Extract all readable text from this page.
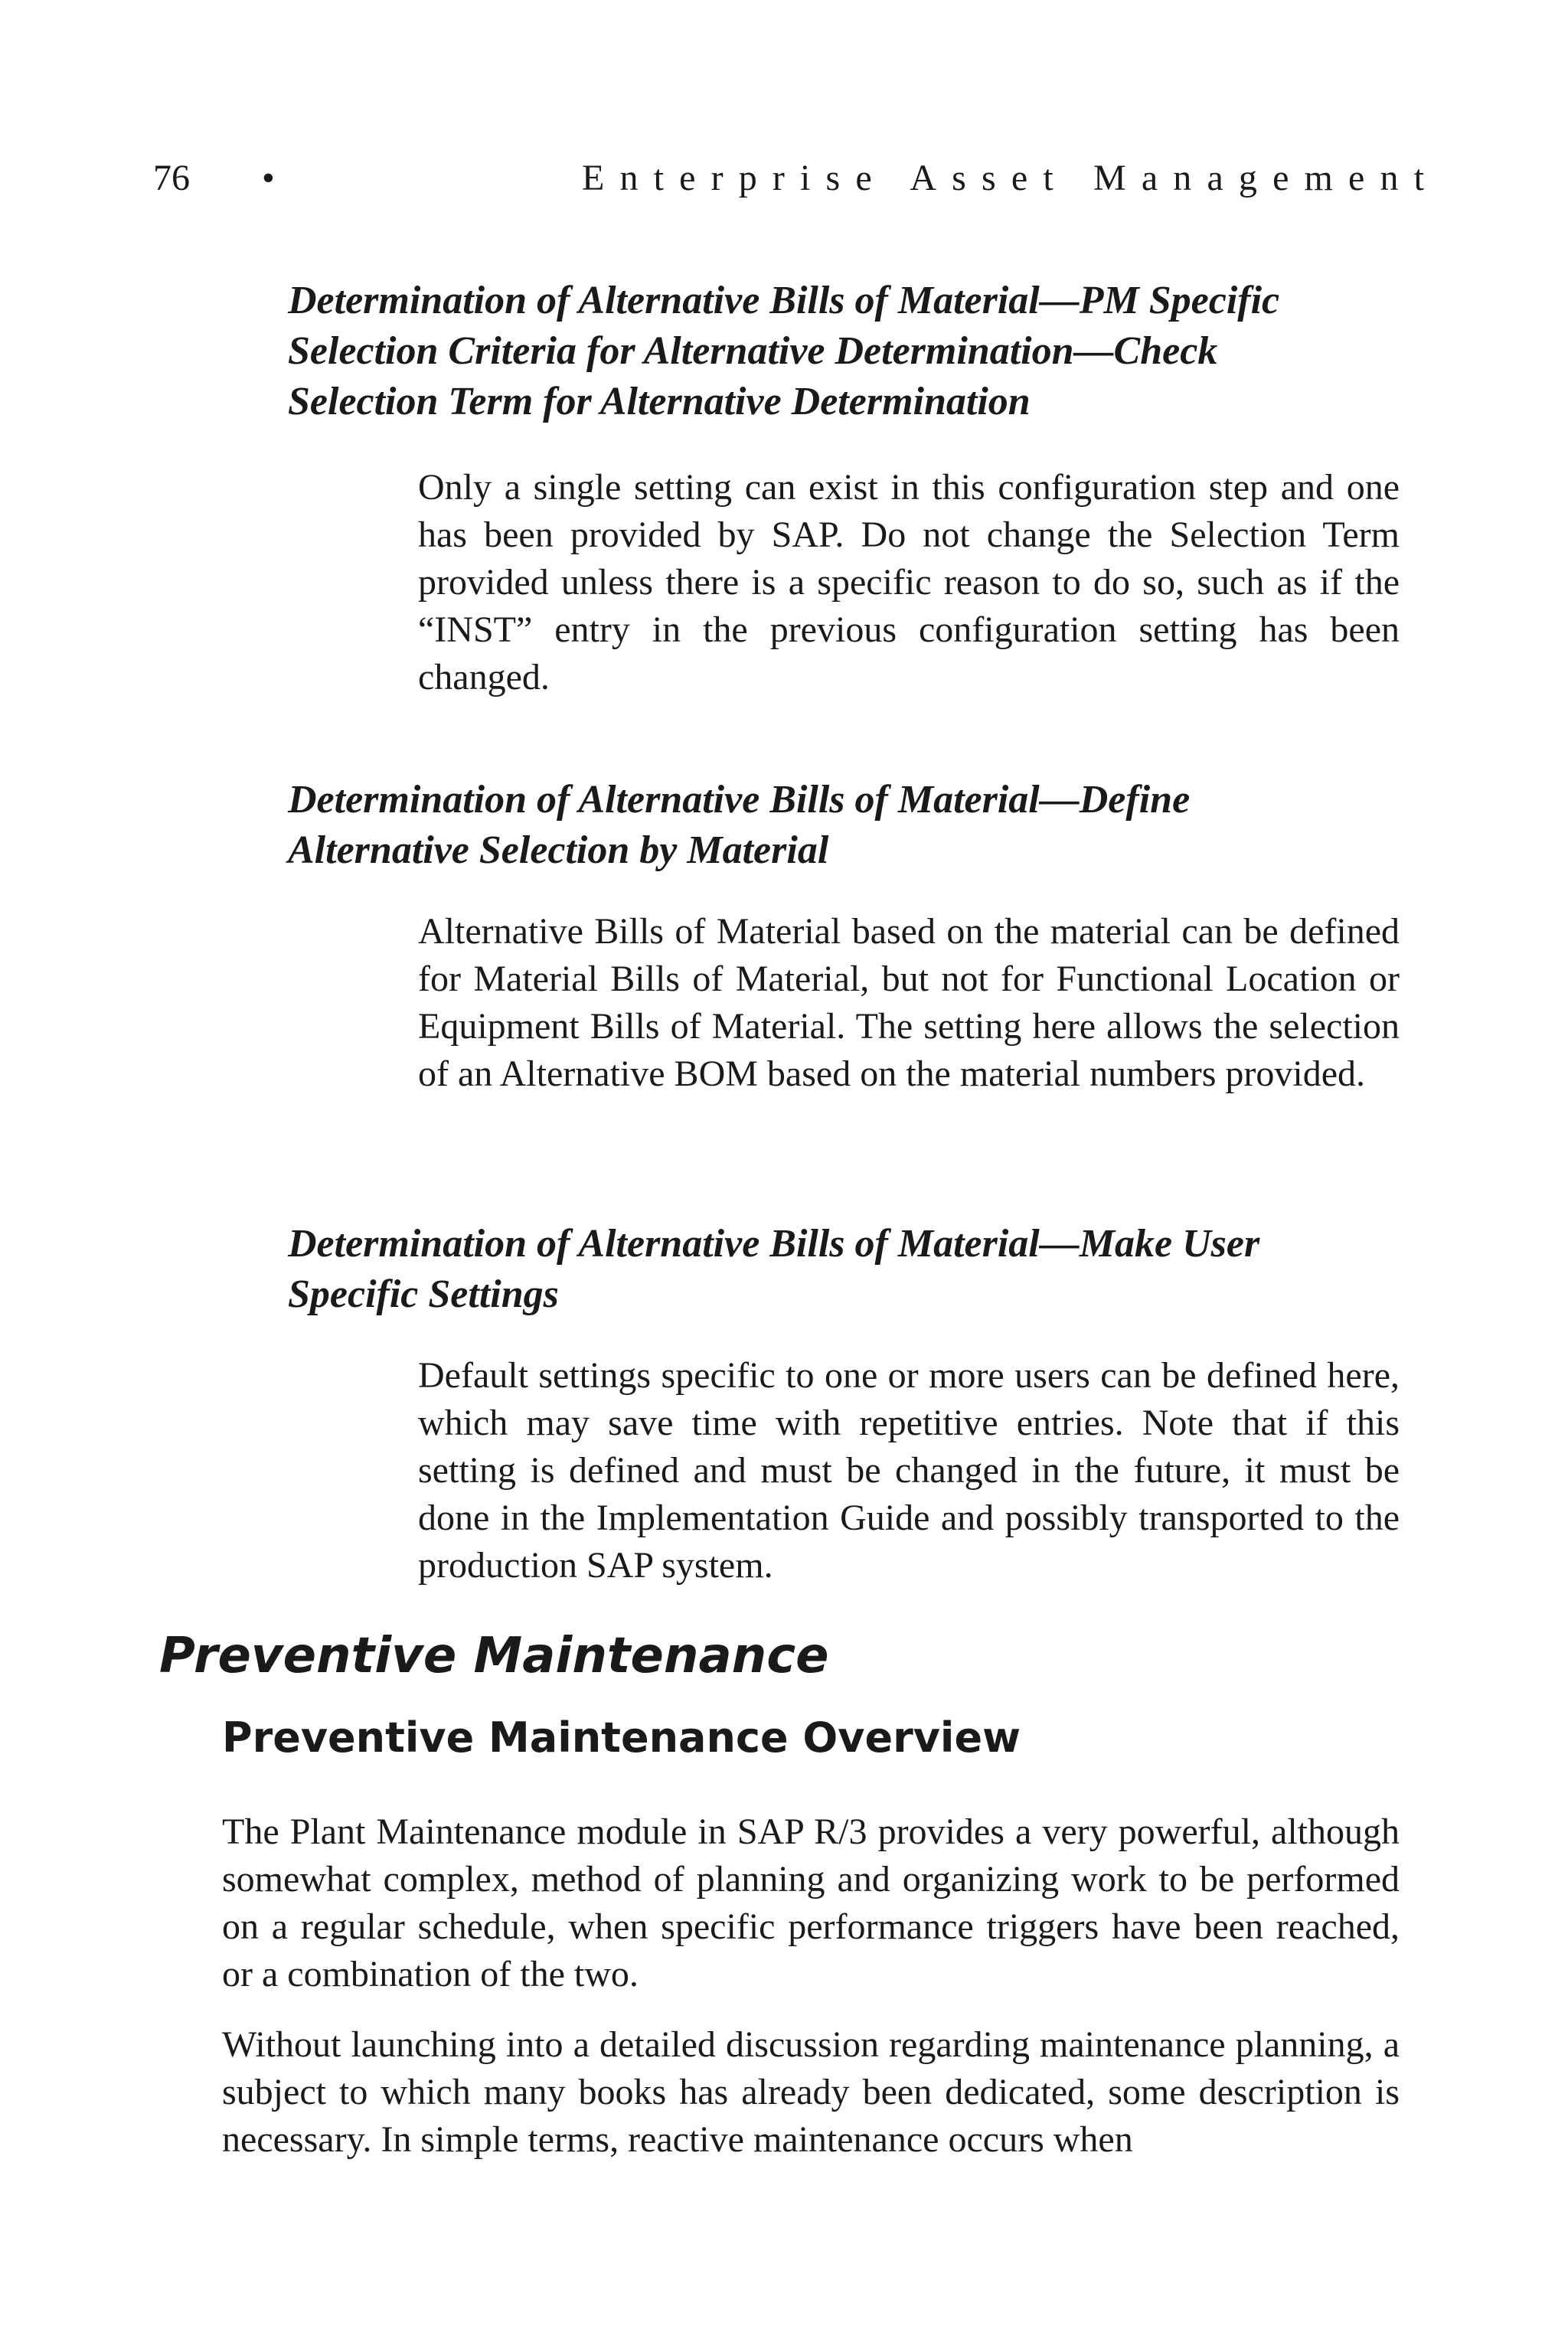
76 •	Enterprise Asset Management
Determination of Alternative Bills of Material—PM Specific Selection Criteria for Alternative Determination—Check Selection Term for Alternative Determination

Only a single setting can exist in this configuration step and one has been provided by SAP. Do not change the Selection Term provided unless there is a specific reason to do so, such as if the “INST” entry in the previous configuration setting has been changed.

Determination of Alternative Bills of Material—Define Alternative Selection by Material

Alternative Bills of Material based on the material can be defined for Material Bills of Material, but not for Functional Location or Equipment Bills of Material. The setting here allows the selection of an Alternative BOM based on the material numbers provided.

Determination of Alternative Bills of Material—Make User Specific Settings

Default settings specific to one or more users can be defined here, which may save time with repetitive entries. Note that if this setting is defined and must be changed in the future, it must be done in the Implementation Guide and possibly transported to the production SAP system.

Preventive Maintenance
Preventive Maintenance Overview

The Plant Maintenance module in SAP R/3 provides a very powerful, although somewhat complex, method of planning and organizing work to be performed on a regular schedule, when specific performance triggers have been reached, or a combination of the two.

Without launching into a detailed discussion regarding maintenance planning, a subject to which many books has already been dedicated, some description is necessary. In simple terms, reactive maintenance occurs when
